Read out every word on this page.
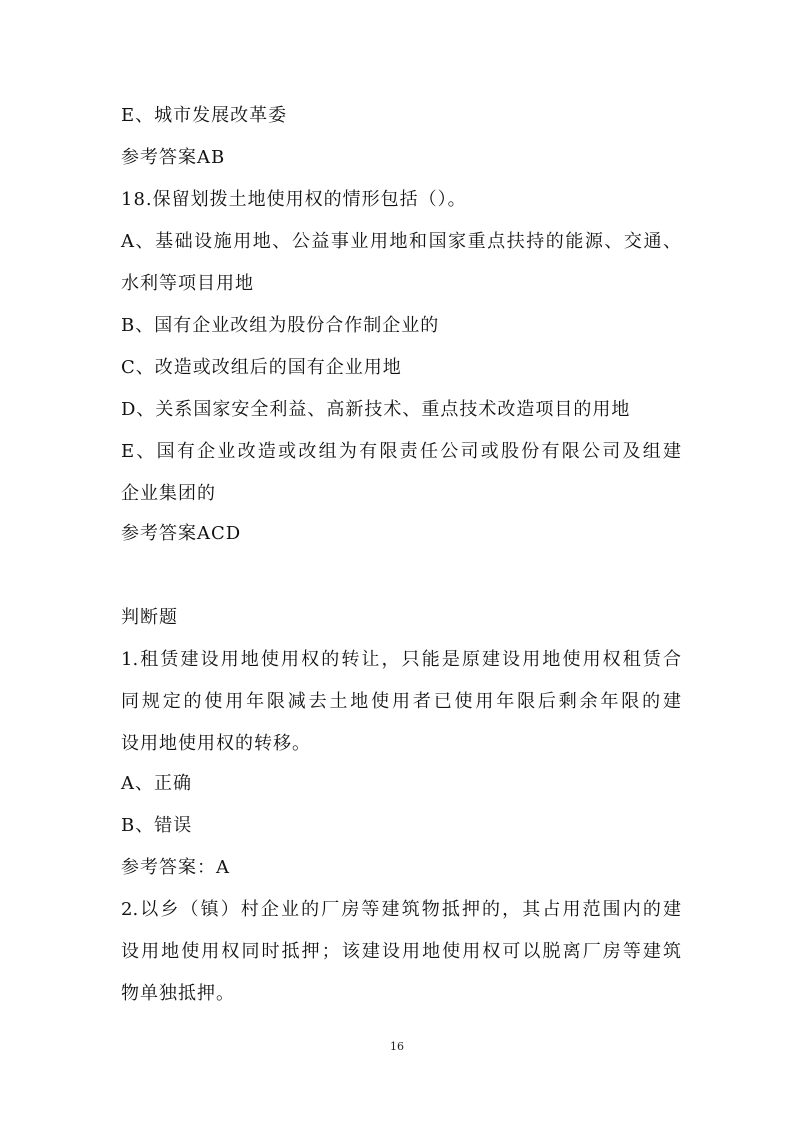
E、城市发展改革委
参考答案AB
18.保留划拨土地使用权的情形包括（）。
A、基础设施用地、公益事业用地和国家重点扶持的能源、交通、
水利等项目用地
B、国有企业改组为股份合作制企业的
C、改造或改组后的国有企业用地
D、关系国家安全利益、高新技术、重点技术改造项目的用地
E、国有企业改造或改组为有限责任公司或股份有限公司及组建
企业集团的
参考答案ACD
判断题
1.租赁建设用地使用权的转让，只能是原建设用地使用权租赁合
同规定的使用年限减去土地使用者已使用年限后剩余年限的建
设用地使用权的转移。
A、正确
B、错误
参考答案：A
2.以乡（镇）村企业的厂房等建筑物抵押的，其占用范围内的建
设用地使用权同时抵押；该建设用地使用权可以脱离厂房等建筑
物单独抵押。
16
